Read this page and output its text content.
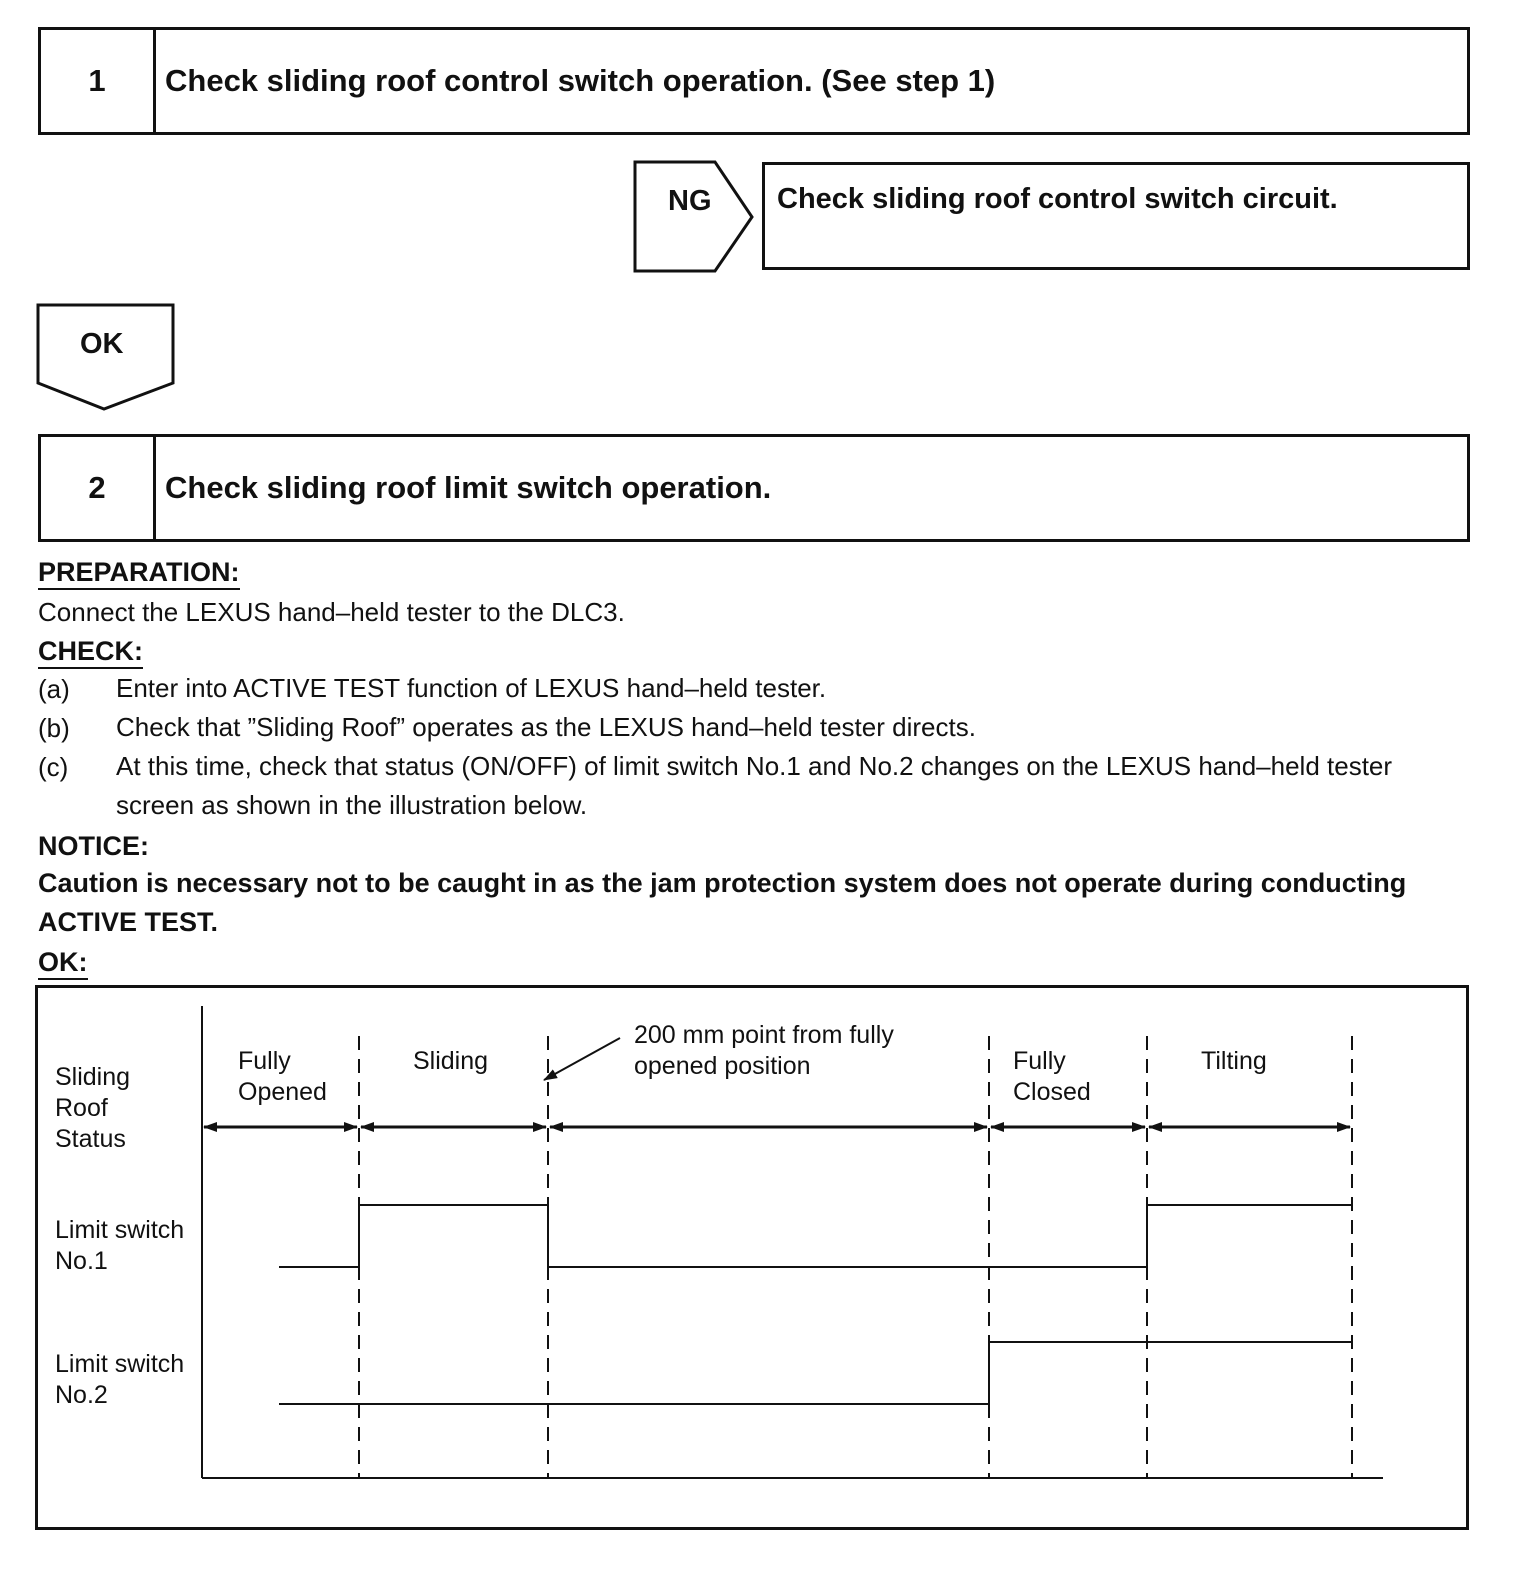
1	Check sliding roof control switch operation. (See step 1)
NG Check sliding roof control switch circuit.
OK
2	Check sliding roof limit switch operation.
PREPARATION:
Connect the LEXUS hand–held tester to the DLC3.
CHECK:
(a) Enter into ACTIVE TEST function of LEXUS hand–held tester.
(b) Check that ”Sliding Roof” operates as the LEXUS hand–held tester directs.
(c) At this time, check that status (ON/OFF) of limit switch No.1 and No.2 changes on the LEXUS hand–held tester screen as shown in the illustration below.
NOTICE:
Caution is necessary not to be caught in as the jam protection system does not operate during conducting ACTIVE TEST.
OK:
Sliding Roof Status
Limit switch No.1
Limit switch No.2
Fully Opened
Sliding
200 mm point from fully opened position	Fully Closed
Tilting
